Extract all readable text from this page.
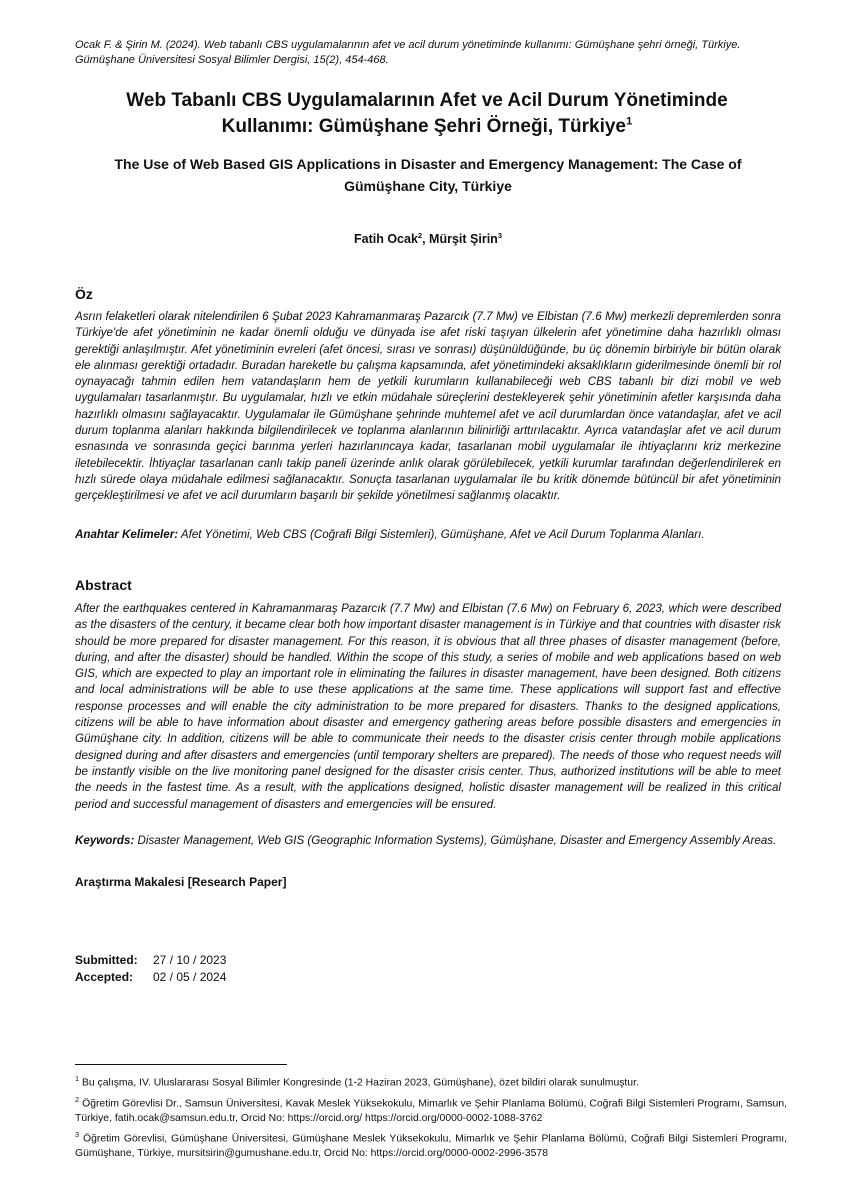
Ocak F. & Şirin M. (2024). Web tabanlı CBS uygulamalarının afet ve acil durum yönetiminde kullanımı: Gümüşhane şehri örneği, Türkiye. Gümüşhane Üniversitesi Sosyal Bilimler Dergisi, 15(2), 454-468.
Web Tabanlı CBS Uygulamalarının Afet ve Acil Durum Yönetiminde Kullanımı: Gümüşhane Şehri Örneği, Türkiye$^1$
The Use of Web Based GIS Applications in Disaster and Emergency Management: The Case of Gümüşhane City, Türkiye
Fatih Ocak$^2$, Mürşit Şirin$^3$
Öz
Asrın felaketleri olarak nitelendirilen 6 Şubat 2023 Kahramanmaraş Pazarcık (7.7 Mw) ve Elbistan (7.6 Mw) merkezli depremlerden sonra Türkiye'de afet yönetiminin ne kadar önemli olduğu ve dünyada ise afet riski taşıyan ülkelerin afet yönetimine daha hazırlıklı olması gerektiği anlaşılmıştır. Afet yönetiminin evreleri (afet öncesi, sırası ve sonrası) düşünüldüğünde, bu üç dönemin birbiriyle bir bütün olarak ele alınması gerektiği ortadadır. Buradan hareketle bu çalışma kapsamında, afet yönetimindeki aksaklıkların giderilmesinde önemli bir rol oynayacağı tahmin edilen hem vatandaşların hem de yetkili kurumların kullanabileceği web CBS tabanlı bir dizi mobil ve web uygulamaları tasarlanmıştır. Bu uygulamalar, hızlı ve etkin müdahale süreçlerini destekleyerek şehir yönetiminin afetler karşısında daha hazırlıklı olmasını sağlayacaktır. Uygulamalar ile Gümüşhane şehrinde muhtemel afet ve acil durumlardan önce vatandaşlar, afet ve acil durum toplanma alanları hakkında bilgilendirilecek ve toplanma alanlarının bilinirliği arttırılacaktır. Ayrıca vatandaşlar afet ve acil durum esnasında ve sonrasında geçici barınma yerleri hazırlanıncaya kadar, tasarlanan mobil uygulamalar ile ihtiyaçlarını kriz merkezine iletebilecektir. İhtiyaçlar tasarlanan canlı takip paneli üzerinde anlık olarak görülebilecek, yetkili kurumlar tarafından değerlendirilerek en hızlı sürede olaya müdahale edilmesi sağlanacaktır. Sonuçta tasarlanan uygulamalar ile bu kritik dönemde bütüncül bir afet yönetiminin gerçekleştirilmesi ve afet ve acil durumların başarılı bir şekilde yönetilmesi sağlanmış olacaktır.
Anahtar Kelimeler: Afet Yönetimi, Web CBS (Coğrafi Bilgi Sistemleri), Gümüşhane, Afet ve Acil Durum Toplanma Alanları.
Abstract
After the earthquakes centered in Kahramanmaraş Pazarcık (7.7 Mw) and Elbistan (7.6 Mw) on February 6, 2023, which were described as the disasters of the century, it became clear both how important disaster management is in Türkiye and that countries with disaster risk should be more prepared for disaster management. For this reason, it is obvious that all three phases of disaster management (before, during, and after the disaster) should be handled. Within the scope of this study, a series of mobile and web applications based on web GIS, which are expected to play an important role in eliminating the failures in disaster management, have been designed. Both citizens and local administrations will be able to use these applications at the same time. These applications will support fast and effective response processes and will enable the city administration to be more prepared for disasters. Thanks to the designed applications, citizens will be able to have information about disaster and emergency gathering areas before possible disasters and emergencies in Gümüşhane city. In addition, citizens will be able to communicate their needs to the disaster crisis center through mobile applications designed during and after disasters and emergencies (until temporary shelters are prepared). The needs of those who request needs will be instantly visible on the live monitoring panel designed for the disaster crisis center. Thus, authorized institutions will be able to meet the needs in the fastest time. As a result, with the applications designed, holistic disaster management will be realized in this critical period and successful management of disasters and emergencies will be ensured.
Keywords: Disaster Management, Web GIS (Geographic Information Systems), Gümüşhane, Disaster and Emergency Assembly Areas.
Araştırma Makalesi [Research Paper]
Submitted: 27 / 10 / 2023
Accepted: 02 / 05 / 2024

$^1$ Bu çalışma, IV. Uluslararası Sosyal Bilimler Kongresinde (1-2 Haziran 2023, Gümüşhane), özet bildiri olarak sunulmuştur.

$^2$ Öğretim Görevlisi Dr., Samsun Üniversitesi, Kavak Meslek Yüksekokulu, Mimarlık ve Şehir Planlama Bölümü, Coğrafi Bilgi Sistemleri Programı, Samsun, Türkiye, fatih.ocak@samsun.edu.tr, Orcid No: https://orcid.org/ https://orcid.org/0000-0002-1088-3762

$^3$ Öğretim Görevlisi, Gümüşhane Üniversitesi, Gümüşhane Meslek Yüksekokulu, Mimarlık ve Şehir Planlama Bölümü, Coğrafi Bilgi Sistemleri Programı, Gümüşhane, Türkiye, mursitsirin@gumushane.edu.tr, Orcid No: https://orcid.org/0000-0002-2996-3578
